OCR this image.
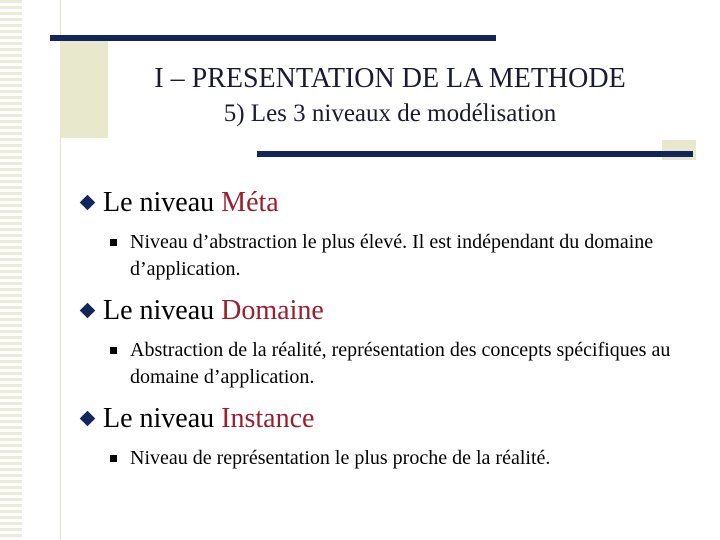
I – PRESENTATION DE LA METHODE
5) Les 3 niveaux de modélisation
Le niveau Méta
Niveau d’abstraction le plus élevé. Il est indépendant du domaine d’application.
Le niveau Domaine
Abstraction de la réalité, représentation des concepts spécifiques au domaine d’application.
Le niveau Instance
Niveau de représentation le plus proche de la réalité.
